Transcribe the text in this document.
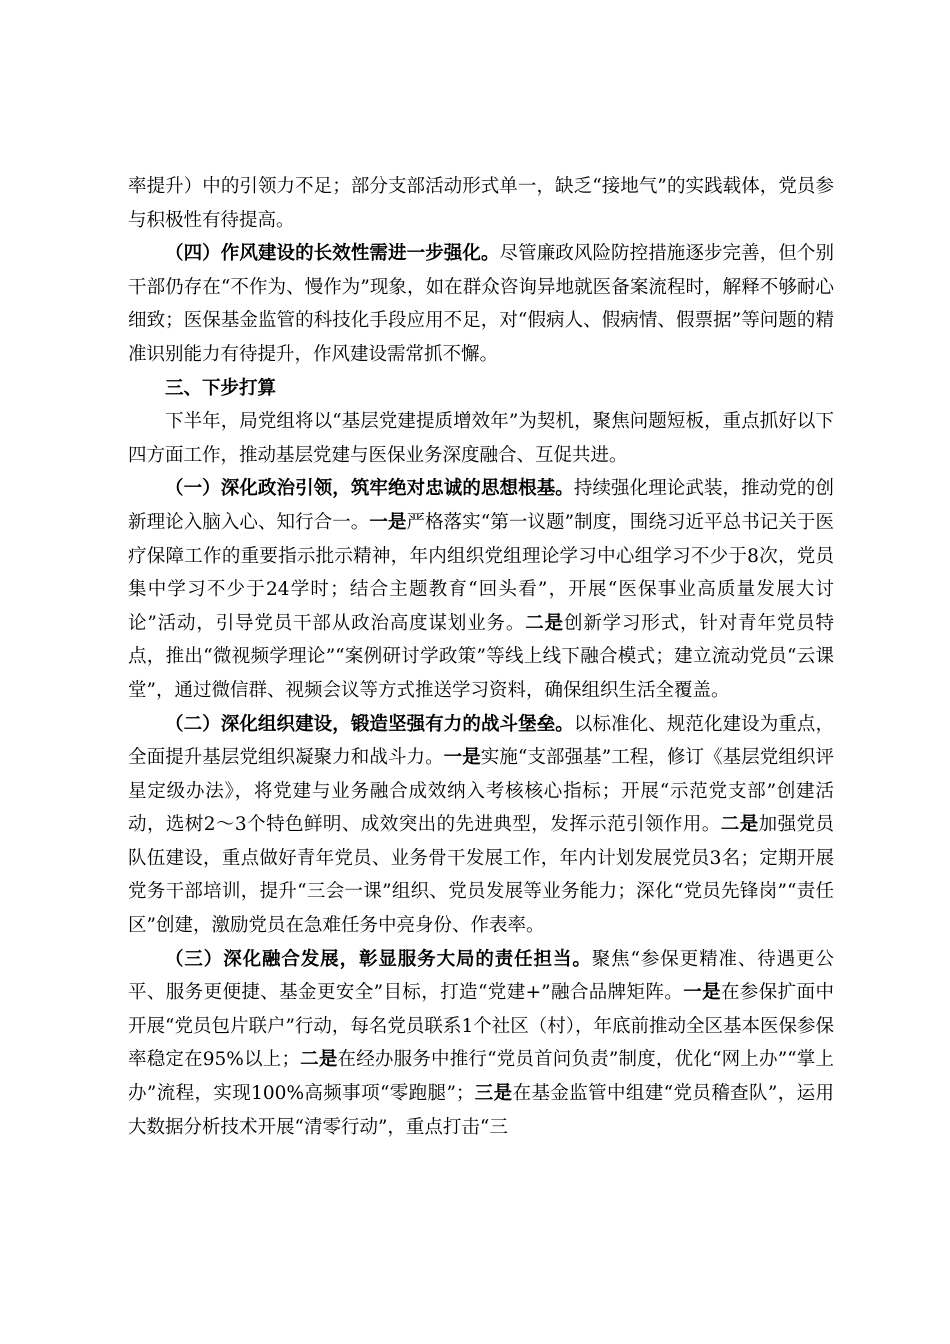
率提升）中的引领力不足；部分支部活动形式单一，缺乏“接地气”的实践载体，党员参与积极性有待提高。

（四）作风建设的长效性需进一步强化。尽管廉政风险防控措施逐步完善，但个别干部仍存在“不作为、慢作为”现象，如在群众咨询异地就医备案流程时，解释不够耐心细致；医保基金监管的科技化手段应用不足，对“假病人、假病情、假票据”等问题的精准识别能力有待提升，作风建设需常抓不懈。

三、下步打算

下半年，局党组将以“基层党建提质增效年”为契机，聚焦问题短板，重点抓好以下四方面工作，推动基层党建与医保业务深度融合、互促共进。

（一）深化政治引领，筑牢绝对忠诚的思想根基。持续强化理论武装，推动党的创新理论入脑入心、知行合一。一是严格落实“第一议题”制度，围绕习近平总书记关于医疗保障工作的重要指示批示精神，年内组织党组理论学习中心组学习不少于8次，党员集中学习不少于24学时；结合主题教育“回头看”，开展“医保事业高质量发展大讨论”活动，引导党员干部从政治高度谋划业务。二是创新学习形式，针对青年党员特点，推出“微视频学理论”“案例研讨学政策”等线上线下融合模式；建立流动党员“云课堂”，通过微信群、视频会议等方式推送学习资料，确保组织生活全覆盖。

（二）深化组织建设，锻造坚强有力的战斗堡垒。以标准化、规范化建设为重点，全面提升基层党组织凝聚力和战斗力。一是实施“支部强基”工程，修订《基层党组织评星定级办法》，将党建与业务融合成效纳入考核核心指标；开展“示范党支部”创建活动，选树2～3个特色鲜明、成效突出的先进典型，发挥示范引领作用。二是加强党员队伍建设，重点做好青年党员、业务骨干发展工作，年内计划发展党员3名；定期开展党务干部培训，提升“三会一课”组织、党员发展等业务能力；深化“党员先锋岗”“责任区”创建，激励党员在急难任务中亮身份、作表率。

（三）深化融合发展，彰显服务大局的责任担当。聚焦“参保更精准、待遇更公平、服务更便捷、基金更安全”目标，打造“党建+”融合品牌矩阵。一是在参保扩面中开展“党员包片联户”行动，每名党员联系1个社区（村），年底前推动全区基本医保参保率稳定在95%以上；二是在经办服务中推行“党员首问负责”制度，优化“网上办”“掌上办”流程，实现100%高频事项“零跑腿”；三是在基金监管中组建“党员稽查队”，运用大数据分析技术开展“清零行动”，重点打击“三
